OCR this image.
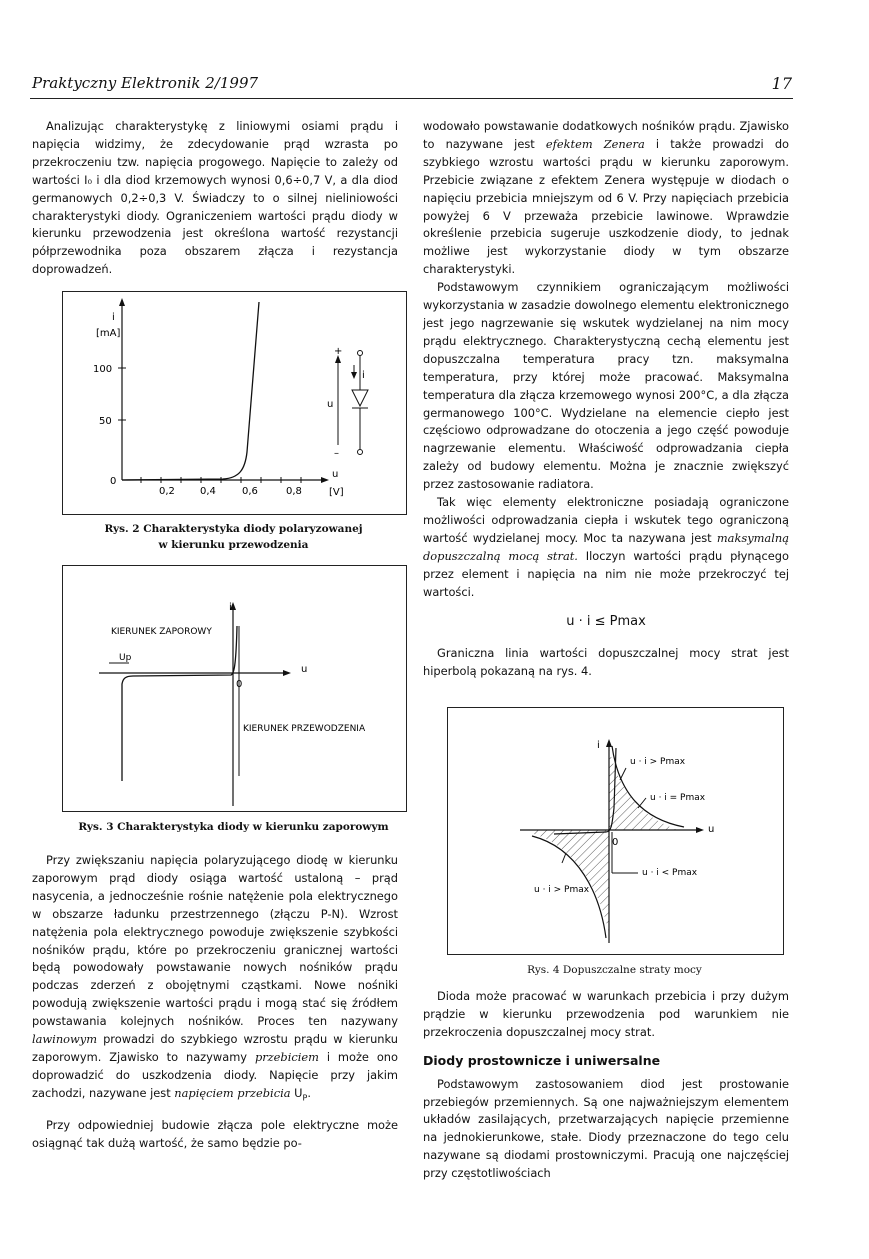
Praktyczny Elektronik 2/1997	17

Analizując charakterystykę z liniowymi osiami prądu i napięcia widzimy, że zdecydowanie prąd wzrasta po przekroczeniu tzw. napięcia progowego. Napięcie to zależy od wartości I₀ i dla diod krzemowych wynosi 0,6÷0,7 V, a dla diod germanowych 0,2÷0,3 V. Świadczy to o silnej nieliniowości charakterystyki diody. Ograniczeniem wartości prądu diody w kierunku przewodzenia jest określona wartość rezystancji półprzewodnika poza obszarem złącza i rezystancja doprowadzeń.

i
[mA]
100
50
0
0,2	0,4	0,6	0,8
u
[V]
+
–
i
u
Rys. 2 Charakterystyka diody polaryzowanej
w kierunku przewodzenia
i
u
0
Up
KIERUNEK ZAPOROWY
KIERUNEK PRZEWODZENIA
Rys. 3 Charakterystyka diody w kierunku zaporowym

Przy zwiększaniu napięcia polaryzującego diodę w kierunku zaporowym prąd diody osiąga wartość ustaloną – prąd nasycenia, a jednocześnie rośnie natężenie pola elektrycznego w obszarze ładunku przestrzennego (złączu P-N). Wzrost natężenia pola elektrycznego powoduje zwiększenie szybkości nośników prądu, które po przekroczeniu granicznej wartości będą powodowały powstawanie nowych nośników prądu podczas zderzeń z obojętnymi cząstkami. Nowe nośniki powodują zwiększenie wartości prądu i mogą stać się źródłem powstawania kolejnych nośników. Proces ten nazywany lawinowym prowadzi do szybkiego wzrostu prądu w kierunku zaporowym. Zjawisko to nazywamy przebiciem i może ono doprowadzić do uszkodzenia diody. Napięcie przy jakim zachodzi, nazywane jest napięciem przebicia $U_P$.

Przy odpowiedniej budowie złącza pole elektryczne może osiągnąć tak dużą wartość, że samo będzie po-

wodowało powstawanie dodatkowych nośników prądu. Zjawisko to nazywane jest efektem Zenera i także prowadzi do szybkiego wzrostu wartości prądu w kierunku zaporowym. Przebicie związane z efektem Zenera występuje w diodach o napięciu przebicia mniejszym od 6 V. Przy napięciach przebicia powyżej 6 V przeważa przebicie lawinowe. Wprawdzie określenie przebicia sugeruje uszkodzenie diody, to jednak możliwe jest wykorzystanie diody w tym obszarze charakterystyki.

Podstawowym czynnikiem ograniczającym możliwości wykorzystania w zasadzie dowolnego elementu elektronicznego jest jego nagrzewanie się wskutek wydzielanej na nim mocy prądu elektrycznego. Charakterystyczną cechą elementu jest dopuszczalna temperatura pracy tzn. maksymalna temperatura, przy której może pracować. Maksymalna temperatura dla złącza krzemowego wynosi 200°C, a dla złącza germanowego 100°C. Wydzielane na elemencie ciepło jest częściowo odprowadzane do otoczenia a jego część powoduje nagrzewanie elementu. Właściwość odprowadzania ciepła zależy od budowy elementu. Można je znacznie zwiększyć przez zastosowanie radiatora.

Tak więc elementy elektroniczne posiadają ograniczone możliwości odprowadzania ciepła i wskutek tego ograniczoną wartość wydzielanej mocy. Moc ta nazywana jest maksymalną dopuszczalną mocą strat. Iloczyn wartości prądu płynącego przez element i napięcia na nim nie może przekroczyć tej wartości.

u · i ≤ Pmax

Graniczna linia wartości dopuszczalnej mocy strat jest hiperbolą pokazaną na rys. 4.

i
u
0
u · i > Pmax
u · i = Pmax
u · i < Pmax
u · i > Pmax
Rys. 4 Dopuszczalne straty mocy

Dioda może pracować w warunkach przebicia i przy dużym prądzie w kierunku przewodzenia pod warunkiem nie przekroczenia dopuszczalnej mocy strat.

Diody prostownicze i uniwersalne

Podstawowym zastosowaniem diod jest prostowanie przebiegów przemiennych. Są one najważniejszym elementem układów zasilających, przetwarzających napięcie przemienne na jednokierunkowe, stałe. Diody przeznaczone do tego celu nazywane są diodami prostowniczymi. Pracują one najczęściej przy częstotliwościach
